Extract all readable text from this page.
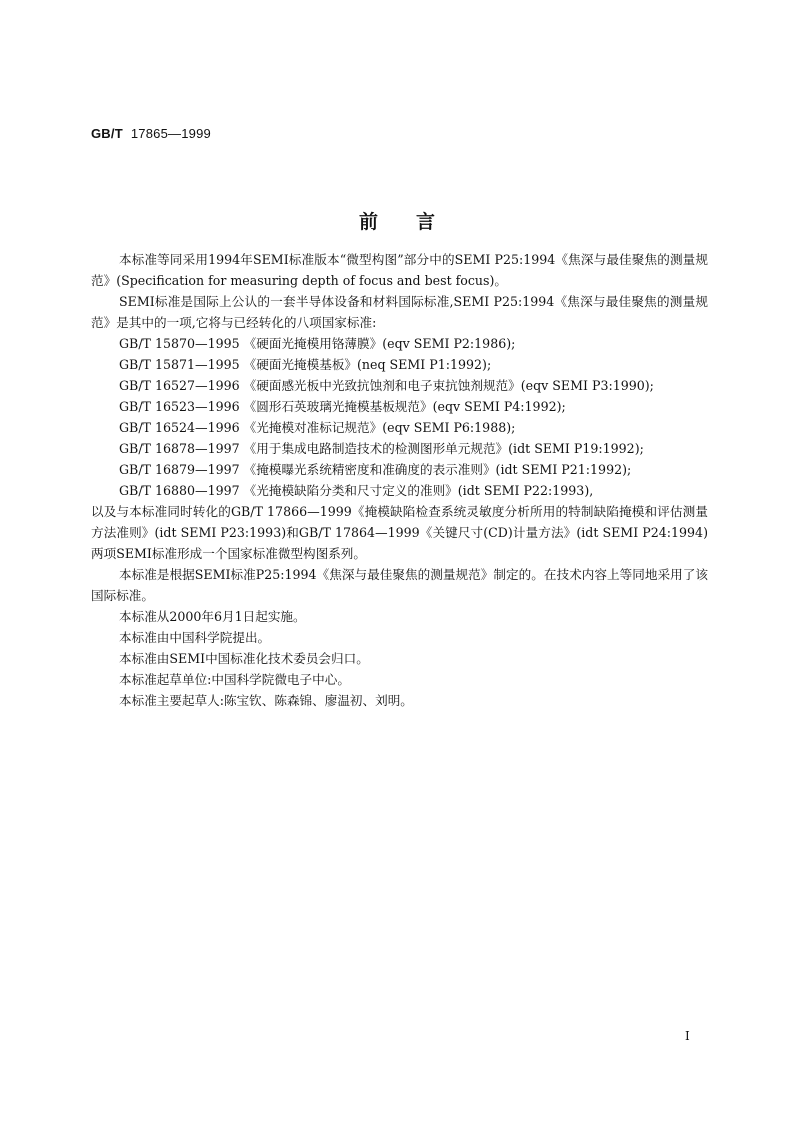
GB/T 17865—1999
前言

本标准等同采用1994年SEMI标准版本“微型构图”部分中的SEMI P25:1994《焦深与最佳聚焦的测量规范》(Specification for measuring depth of focus and best focus)。

SEMI标准是国际上公认的一套半导体设备和材料国际标准,SEMI P25:1994《焦深与最佳聚焦的测量规范》是其中的一项,它将与已经转化的八项国家标准:

GB/T 15870—1995 《硬面光掩模用铬薄膜》(eqv SEMI P2:1986);

GB/T 15871—1995 《硬面光掩模基板》(neq SEMI P1:1992);

GB/T 16527—1996 《硬面感光板中光致抗蚀剂和电子束抗蚀剂规范》(eqv SEMI P3:1990);

GB/T 16523—1996 《圆形石英玻璃光掩模基板规范》(eqv SEMI P4:1992);

GB/T 16524—1996 《光掩模对准标记规范》(eqv SEMI P6:1988);

GB/T 16878—1997 《用于集成电路制造技术的检测图形单元规范》(idt SEMI P19:1992);

GB/T 16879—1997 《掩模曝光系统精密度和准确度的表示准则》(idt SEMI P21:1992);

GB/T 16880—1997 《光掩模缺陷分类和尺寸定义的准则》(idt SEMI P22:1993),

以及与本标准同时转化的GB/T 17866—1999《掩模缺陷检查系统灵敏度分析所用的特制缺陷掩模和评估测量方法准则》(idt SEMI P23:1993)和GB/T 17864—1999《关键尺寸(CD)计量方法》(idt SEMI P24:1994)两项SEMI标准形成一个国家标准微型构图系列。

本标准是根据SEMI标准P25:1994《焦深与最佳聚焦的测量规范》制定的。在技术内容上等同地采用了该国际标准。

本标准从2000年6月1日起实施。

本标准由中国科学院提出。

本标准由SEMI中国标准化技术委员会归口。

本标准起草单位:中国科学院微电子中心。

本标准主要起草人:陈宝钦、陈森锦、廖温初、刘明。

I
